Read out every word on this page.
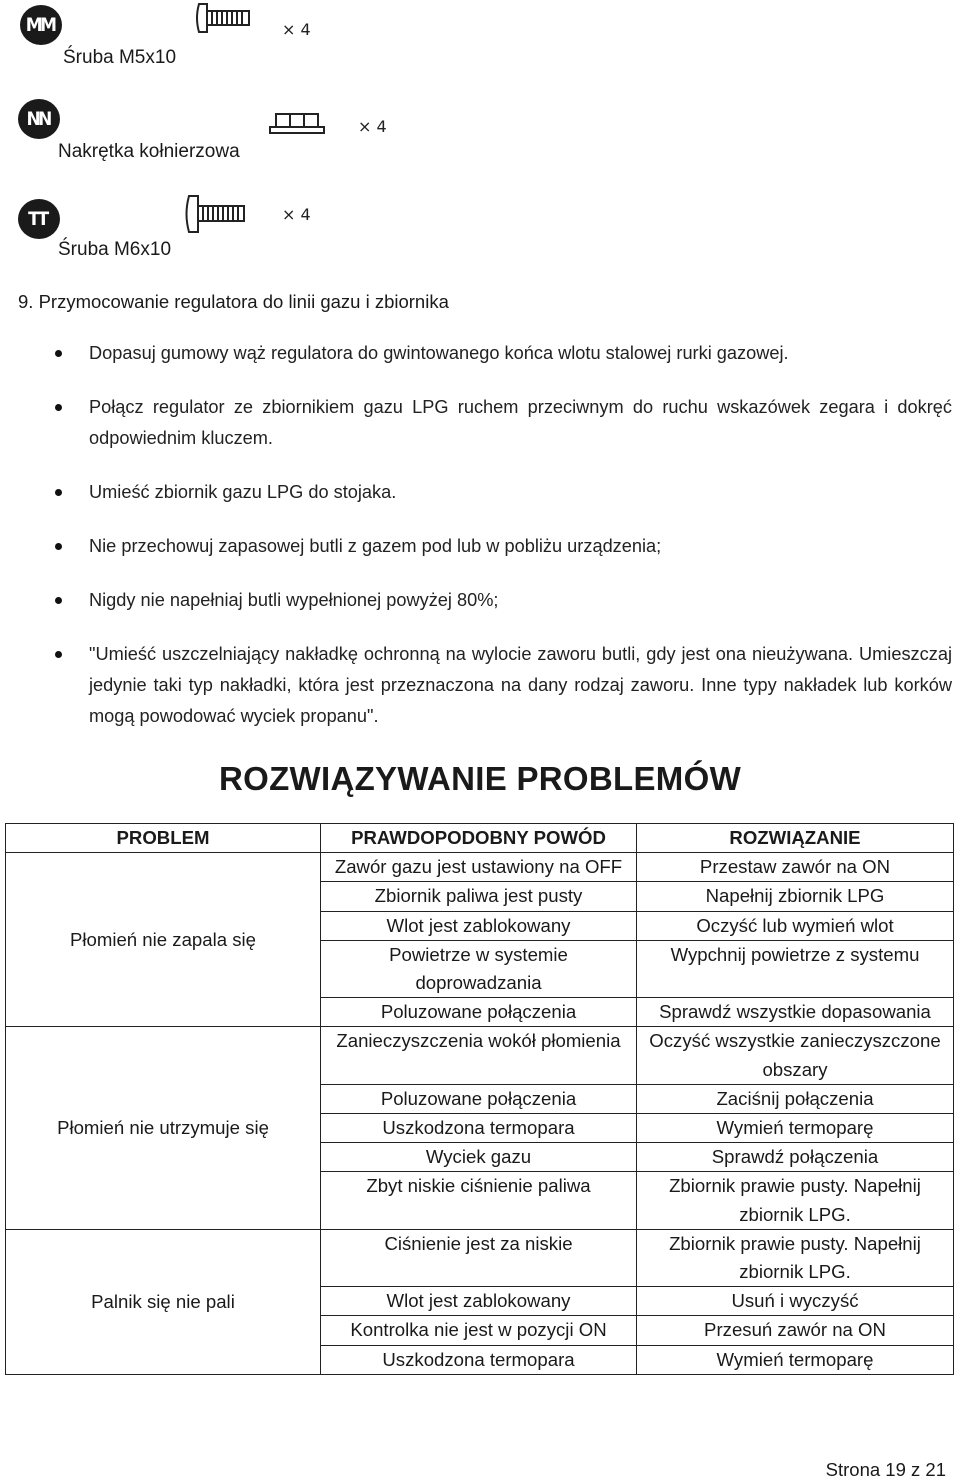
MM	× 4
Śruba M5x10
NN	× 4
Nakrętka kołnierzowa
TT	× 4
Śruba M6x10
9. Przymocowanie regulatora do linii gazu i zbiornika
Dopasuj gumowy wąż regulatora do gwintowanego końca wlotu stalowej rurki gazowej.
Połącz regulator ze zbiornikiem gazu LPG ruchem przeciwnym do ruchu wskazówek zegara i dokręć odpowiednim kluczem.
Umieść zbiornik gazu LPG do stojaka.
Nie przechowuj zapasowej butli z gazem pod lub w pobliżu urządzenia;
Nigdy nie napełniaj butli wypełnionej powyżej 80%;
"Umieść uszczelniający nakładkę ochronną na wylocie zaworu butli, gdy jest ona nieużywana. Umieszczaj jedynie taki typ nakładki, która jest przeznaczona na dany rodzaj zaworu. Inne typy nakładek lub korków mogą powodować wyciek propanu".
ROZWIĄZYWANIE PROBLEMÓW
PROBLEM	PRAWDOPODOBNY POWÓD	ROZWIĄZANIE
Płomień nie zapala się	Zawór gazu jest ustawiony na OFF	Przestaw zawór na ON
	Zbiornik paliwa jest pusty	Napełnij zbiornik LPG
	Wlot jest zablokowany	Oczyść lub wymień wlot
	Powietrze w systemie doprowadzania	Wypchnij powietrze z systemu
	Poluzowane połączenia	Sprawdź wszystkie dopasowania
Płomień nie utrzymuje się	Zanieczyszczenia wokół płomienia	Oczyść wszystkie zanieczyszczone obszary
	Poluzowane połączenia	Zaciśnij połączenia
	Uszkodzona termopara	Wymień termoparę
	Wyciek gazu	Sprawdź połączenia
	Zbyt niskie ciśnienie paliwa	Zbiornik prawie pusty. Napełnij zbiornik LPG.
Palnik się nie pali	Ciśnienie jest za niskie	Zbiornik prawie pusty. Napełnij zbiornik LPG.
	Wlot jest zablokowany	Usuń i wyczyść
	Kontrolka nie jest w pozycji ON	Przesuń zawór na ON
	Uszkodzona termopara	Wymień termoparę
Strona 19 z 21
